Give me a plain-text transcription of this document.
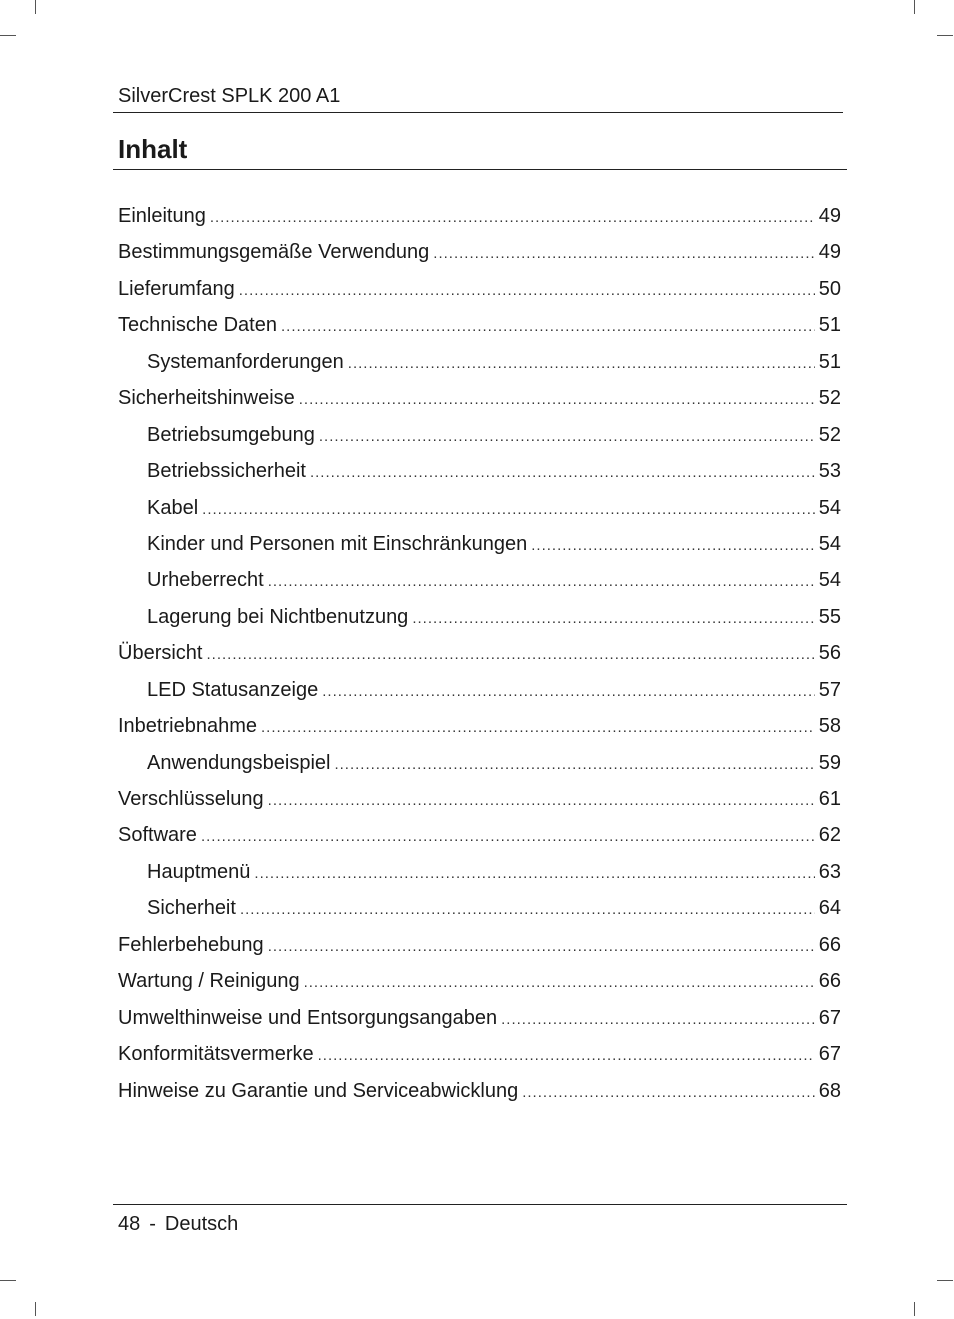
SilverCrest SPLK 200 A1
Inhalt
Einleitung .....	49
Bestimmungsgemäße Verwendung .....	49
Lieferumfang .....	50
Technische Daten .....	51
Systemanforderungen .....	51
Sicherheitshinweise .....	52
Betriebsumgebung .....	52
Betriebssicherheit .....	53
Kabel .....	54
Kinder und Personen mit Einschränkungen .....	54
Urheberrecht .....	54
Lagerung bei Nichtbenutzung .....	55
Übersicht .....	56
LED Statusanzeige .....	57
Inbetriebnahme .....	58
Anwendungsbeispiel .....	59
Verschlüsselung .....	61
Software .....	62
Hauptmenü .....	63
Sicherheit .....	64
Fehlerbehebung .....	66
Wartung / Reinigung .....	66
Umwelthinweise und Entsorgungsangaben .....	67
Konformitätsvermerke .....	67
Hinweise zu Garantie und Serviceabwicklung .....	68
48 - Deutsch
